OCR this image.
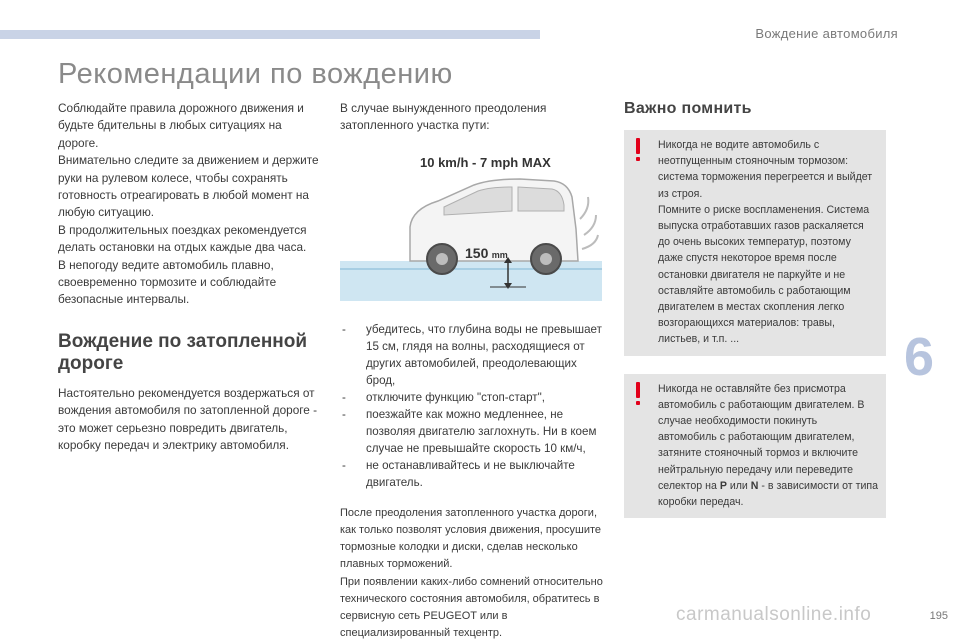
Вождение автомобиля
Рекомендации по вождению

Соблюдайте правила дорожного движения и будьте бдительны в любых ситуациях на дороге.
Внимательно следите за движением и держите руки на рулевом колесе, чтобы сохранять готовность отреагировать в любой момент на любую ситуацию.
В продолжительных поездках рекомендуется делать остановки на отдых каждые два часа.
В непогоду ведите автомобиль плавно, своевременно тормозите и соблюдайте безопасные интервалы.

Вождение по затопленной дороге

Настоятельно рекомендуется воздержаться от вождения автомобиля по затопленной дороге - это может серьезно повредить двигатель, коробку передач и электрику автомобиля.

В случае вынужденного преодоления затопленного участка пути:

10 km/h - 7 mph MAX
150 mm
- убедитесь, что глубина воды не превышает 15 см, глядя на волны, расходящиеся от других автомобилей, преодолевающих брод,
- отключите функцию "стоп-старт",
- поезжайте как можно медленнее, не позволяя двигателю заглохнуть. Ни в коем случае не превышайте скорость 10 км/ч,
- не останавливайтесь и не выключайте двигатель.

После преодоления затопленного участка дороги, как только позволят условия движения, просушите тормозные колодки и диски, сделав несколько плавных торможений.
При появлении каких-либо сомнений относительно технического состояния автомобиля, обратитесь в сервисную сеть PEUGEOT или в специализированный техцентр.

Важно помнить

Никогда не водите автомобиль с неотпущенным стояночным тормозом: система торможения перегреется и выйдет из строя.
Помните о риске воспламенения. Система выпуска отработавших газов раскаляется до очень высоких температур, поэтому даже спустя некоторое время после остановки двигателя не паркуйте и не оставляйте автомобиль с работающим двигателем в местах скопления легко возгорающихся материалов: травы, листьев, и т.п. ...

Никогда не оставляйте без присмотра автомобиль с работающим двигателем. В случае необходимости покинуть автомобиль с работающим двигателем, затяните стояночный тормоз и включите нейтральную передачу или переведите селектор на P или N - в зависимости от типа коробки передач.

6
carmanualsonline.info	195
